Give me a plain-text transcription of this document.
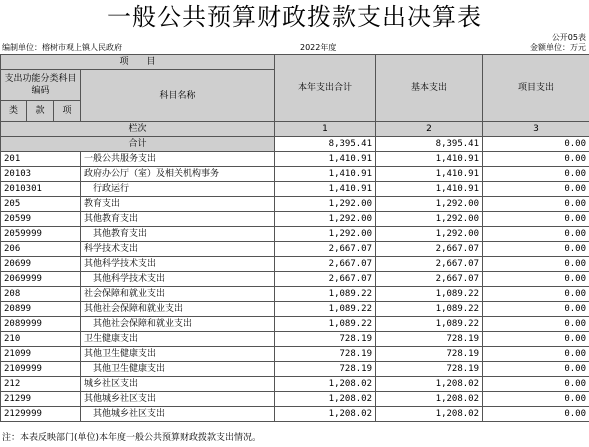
一般公共预算财政拨款支出决算表
公开05表
编制单位：榕树市观上镇人民政府	2022年度	金额单位：万元
项　　目				本年支出合计	基本支出	项目支出
支出功能分类科目编码			科目名称			

类	款	项				
栏次				1	2	3
合计				8,395.41	8,395.41	0.00
201			一般公共服务支出	1,410.91	1,410.91	0.00
20103			政府办公厅（室）及相关机构事务	1,410.91	1,410.91	0.00
2010301			行政运行	1,410.91	1,410.91	0.00
205			教育支出	1,292.00	1,292.00	0.00
20599			其他教育支出	1,292.00	1,292.00	0.00
2059999			其他教育支出	1,292.00	1,292.00	0.00
206			科学技术支出	2,667.07	2,667.07	0.00
20699			其他科学技术支出	2,667.07	2,667.07	0.00
2069999			其他科学技术支出	2,667.07	2,667.07	0.00
208			社会保障和就业支出	1,089.22	1,089.22	0.00
20899			其他社会保障和就业支出	1,089.22	1,089.22	0.00
2089999			其他社会保障和就业支出	1,089.22	1,089.22	0.00
210			卫生健康支出	728.19	728.19	0.00
21099			其他卫生健康支出	728.19	728.19	0.00
2109999			其他卫生健康支出	728.19	728.19	0.00
212			城乡社区支出	1,208.02	1,208.02	0.00
21299			其他城乡社区支出	1,208.02	1,208.02	0.00
2129999			其他城乡社区支出	1,208.02	1,208.02	0.00
注：本表反映部门(单位)本年度一般公共预算财政拨款支出情况。
